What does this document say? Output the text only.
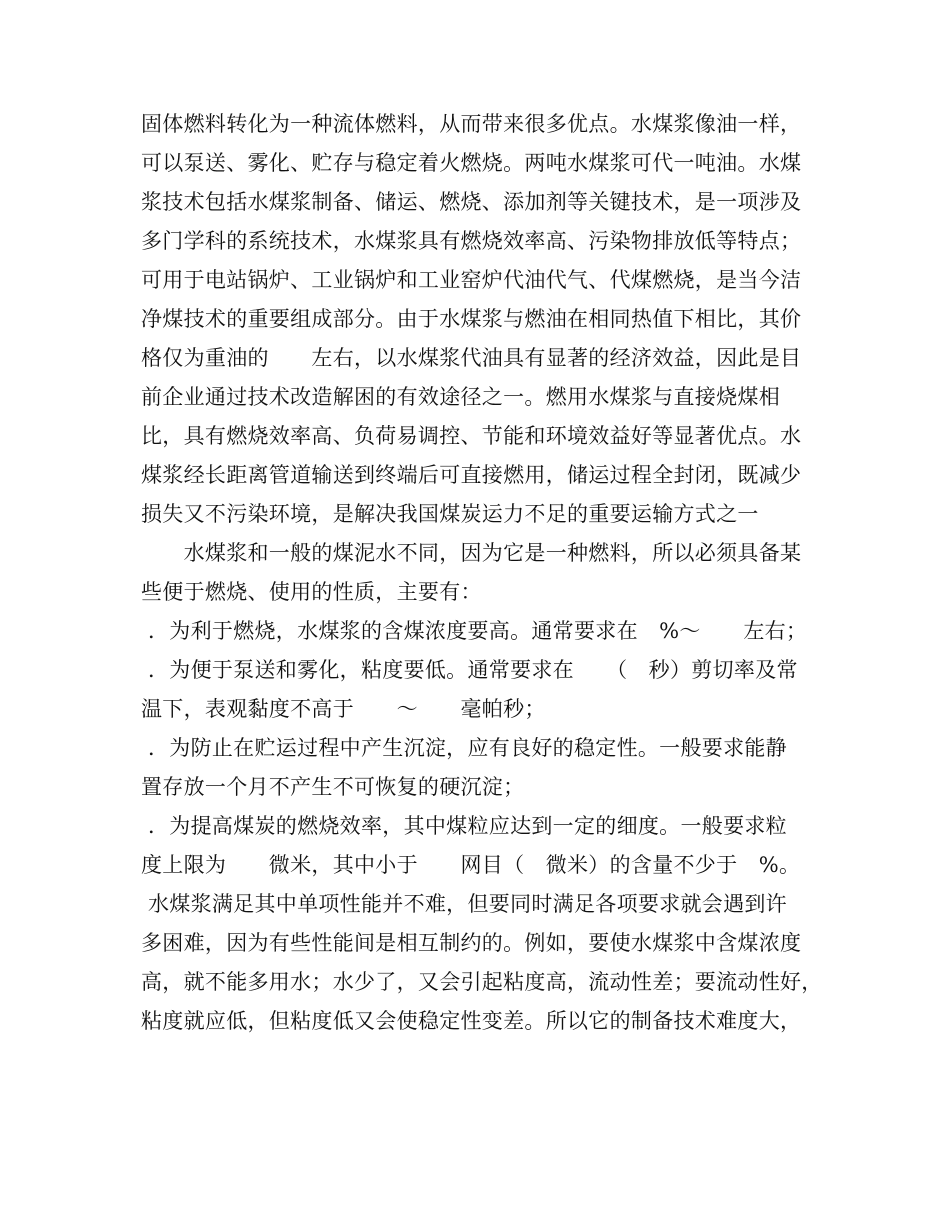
固体燃料转化为一种流体燃料，从而带来很多优点。水煤浆像油一样，
可以泵送、雾化、贮存与稳定着火燃烧。两吨水煤浆可代一吨油。水煤
浆技术包括水煤浆制备、储运、燃烧、添加剂等关键技术，是一项涉及
多门学科的系统技术，水煤浆具有燃烧效率高、污染物排放低等特点；
可用于电站锅炉、工业锅炉和工业窑炉代油代气、代煤燃烧，是当今洁
净煤技术的重要组成部分。由于水煤浆与燃油在相同热值下相比，其价
格仅为重油的　　左右，以水煤浆代油具有显著的经济效益，因此是目
前企业通过技术改造解困的有效途径之一。燃用水煤浆与直接烧煤相
比，具有燃烧效率高、负荷易调控、节能和环境效益好等显著优点。水
煤浆经长距离管道输送到终端后可直接燃用，储运过程全封闭，既减少
损失又不污染环境，是解决我国煤炭运力不足的重要运输方式之一
　　水煤浆和一般的煤泥水不同，因为它是一种燃料，所以必须具备某
些便于燃烧、使用的性质，主要有：
．为利于燃烧，水煤浆的含煤浓度要高。通常要求在　%～　　左右；
．为便于泵送和雾化，粘度要低。通常要求在　　（　秒）剪切率及常
温下，表观黏度不高于　　～　　毫帕秒；
．为防止在贮运过程中产生沉淀，应有良好的稳定性。一般要求能静
置存放一个月不产生不可恢复的硬沉淀；
．为提高煤炭的燃烧效率，其中煤粒应达到一定的细度。一般要求粒
度上限为　　微米，其中小于　　网目（　微米）的含量不少于　%。
水煤浆满足其中单项性能并不难，但要同时满足各项要求就会遇到许
多困难，因为有些性能间是相互制约的。例如，要使水煤浆中含煤浓度
高，就不能多用水；水少了，又会引起粘度高，流动性差；要流动性好，
粘度就应低，但粘度低又会使稳定性变差。所以它的制备技术难度大，
